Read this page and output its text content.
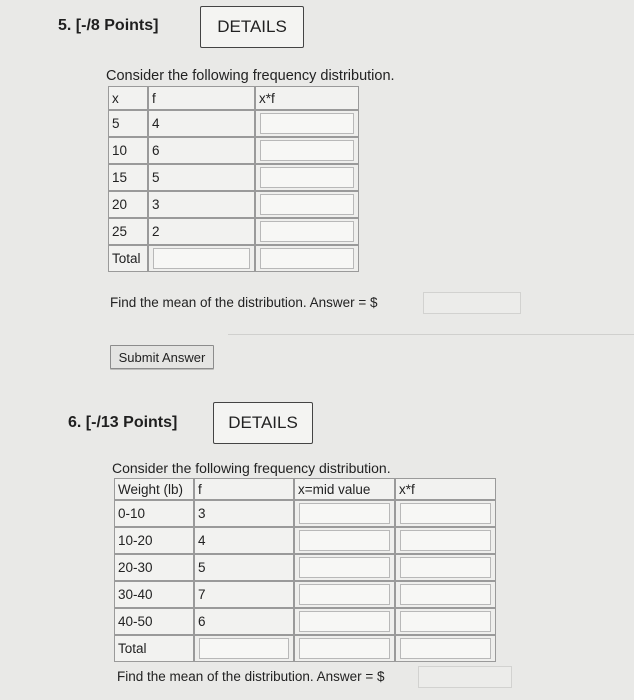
5. [-/8 Points]	DETAILS
Consider the following frequency distribution.
x	f	x*f
5	4	

10	6	

15	5	

20	3	

25	2	

Total	

Find the mean of the distribution. Answer = $
Submit Answer
6. [-/13 Points]	DETAILS
Consider the following frequency distribution.
Weight (lb)	f	x=mid value	x*f
0-10	3	

10-20	4	

20-30	5	

30-40	7	

40-50	6	

Total	

Find the mean of the distribution. Answer = $
